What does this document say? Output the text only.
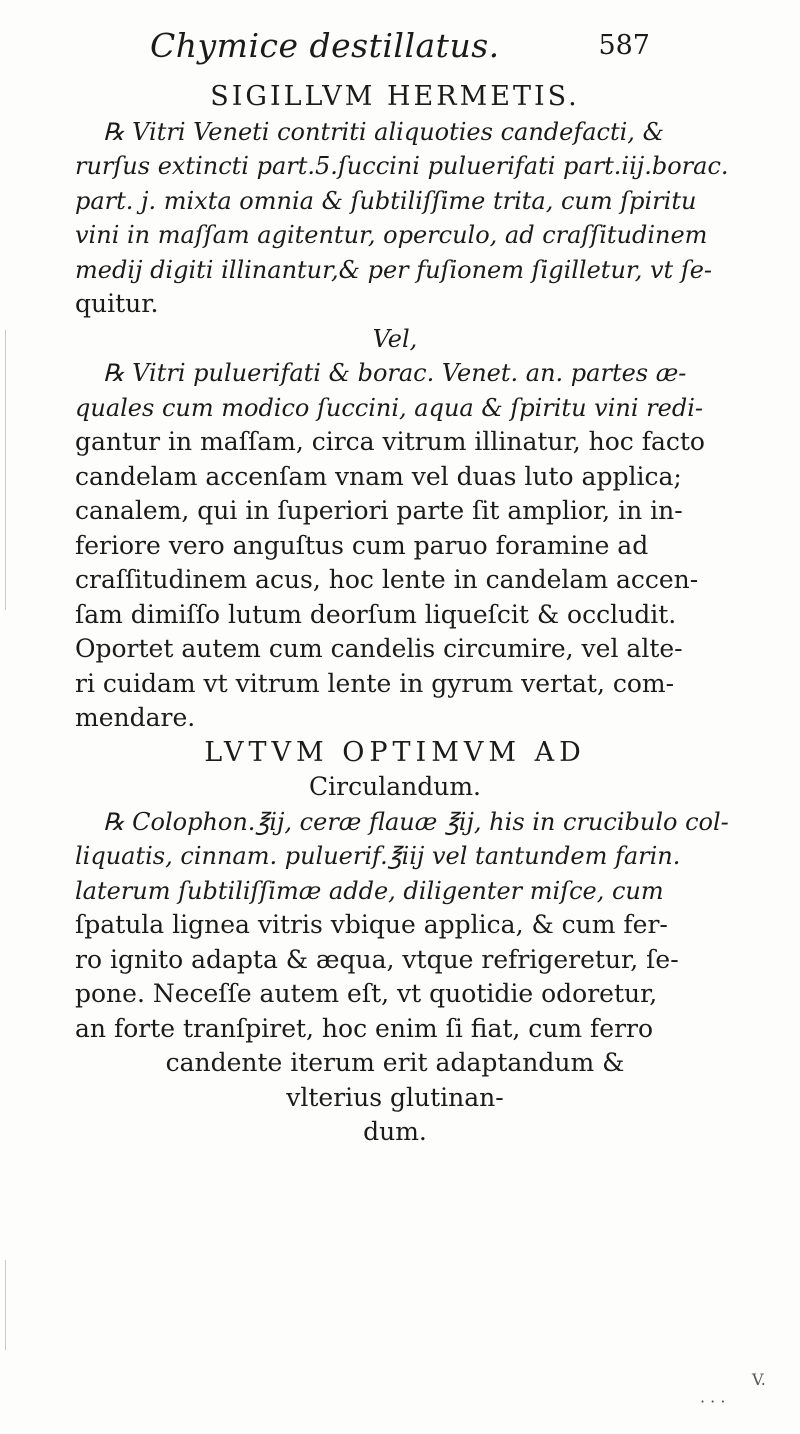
Chymice destillatus.	587
SIGILLVM HERMETIS.
℞ Vitri Veneti contriti aliquoties candefacti, &
rurſus extincti part.5.ſuccini puluerifati part.iij.borac.
part. j. mixta omnia & ſubtiliſſime trita, cum ſpiritu
vini in maſſam agitentur, operculo, ad craſſitudinem
medij digiti illinantur,& per fuſionem ſigilletur, vt ſe-
quitur.
Vel,
℞ Vitri puluerifati & borac. Venet. an. partes æ-
quales cum modico ſuccini, aqua & ſpiritu vini redi-
gantur in maſſam, circa vitrum illinatur, hoc facto
candelam accenſam vnam vel duas luto applica;
canalem, qui in ſuperiori parte ſit amplior, in in-
feriore vero anguſtus cum paruo foramine ad
craſſitudinem acus, hoc lente in candelam accen-
ſam dimiſſo lutum deorſum liqueſcit & occludit.
Oportet autem cum candelis circumire, vel alte-
ri cuidam vt vitrum lente in gyrum vertat, com-
mendare.
LVTVM OPTIMVM AD
Circulandum.
℞ Colophon.℥ij, ceræ flauæ ℥ij, his in crucibulo col-
liquatis, cinnam. puluerif.℥iij vel tantundem farin.
laterum ſubtiliſſimæ adde, diligenter miſce, cum
ſpatula lignea vitris vbique applica, & cum fer-
ro ignito adapta & æqua, vtque refrigeretur, ſe-
pone. Neceſſe autem eſt, vt quotidie odoretur,
an forte tranſpiret, hoc enim ſi fiat, cum ferro
candente iterum erit adaptandum &
vlterius glutinan-
dum.
V.
· · ·
